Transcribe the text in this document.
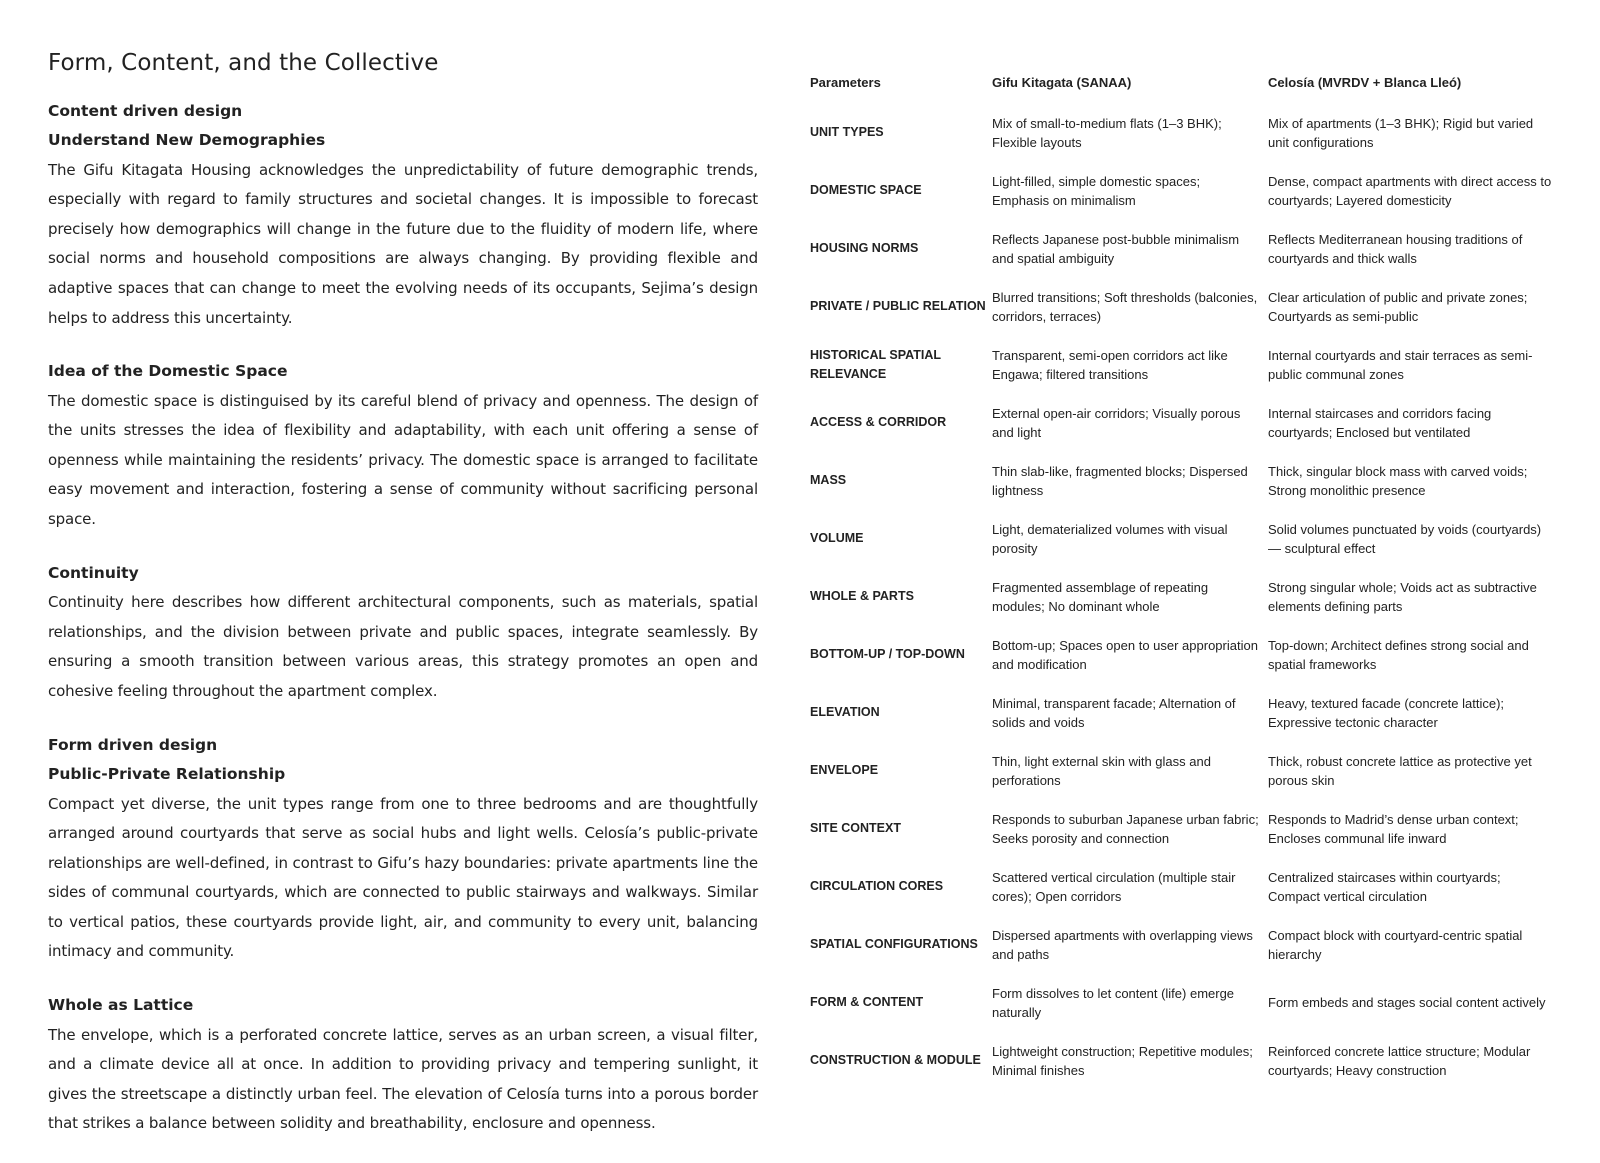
Form, Content, and the Collective

Content driven design

Understand New Demographies

The Gifu Kitagata Housing acknowledges the unpredictability of future demographic trends, especially with regard to family structures and societal changes. It is impossible to forecast precisely how demographics will change in the future due to the fluidity of modern life, where social norms and household compositions are always changing. By providing flexible and adaptive spaces that can change to meet the evolving needs of its occupants, Sejima’s design helps to address this uncertainty.

Idea of the Domestic Space

The domestic space is distinguised by its careful blend of privacy and openness. The design of the units stresses the idea of flexibility and adaptability, with each unit offering a sense of openness while maintaining the residents’ privacy. The domestic space is arranged to facilitate easy movement and interaction, fostering a sense of community without sacrificing personal space.

Continuity

Continuity here describes how different architectural components, such as materials, spatial relationships, and the division between private and public spaces, integrate seamlessly. By ensuring a smooth transition between various areas, this strategy promotes an open and cohesive feeling throughout the apartment complex.

Form driven design

Public-Private Relationship

Compact yet diverse, the unit types range from one to three bedrooms and are thoughtfully arranged around courtyards that serve as social hubs and light wells. Celosía’s public-private relationships are well-defined, in contrast to Gifu’s hazy boundaries: private apartments line the sides of communal courtyards, which are connected to public stairways and walkways. Similar to vertical patios, these courtyards provide light, air, and community to every unit, balancing intimacy and community.

Whole as Lattice

The envelope, which is a perforated concrete lattice, serves as an urban screen, a visual filter, and a climate device all at once. In addition to providing privacy and tempering sunlight, it gives the streetscape a distinctly urban feel. The elevation of Celosía turns into a porous border that strikes a balance between solidity and breathability, enclosure and openness.

Parameters	Gifu Kitagata (SANAA)	Celosía (MVRDV + Blanca Lleó)
UNIT TYPES	Mix of small-to-medium flats (1–3 BHK); Flexible layouts	Mix of apartments (1–3 BHK); Rigid but varied unit configurations
DOMESTIC SPACE	Light-filled, simple domestic spaces; Emphasis on minimalism	Dense, compact apartments with direct access to courtyards; Layered domesticity
HOUSING NORMS	Reflects Japanese post-bubble minimalism and spatial ambiguity	Reflects Mediterranean housing traditions of courtyards and thick walls
PRIVATE / PUBLIC RELATION	Blurred transitions; Soft thresholds (balconies, corridors, terraces)	Clear articulation of public and private zones; Courtyards as semi-public
HISTORICAL SPATIAL RELEVANCE	Transparent, semi-open corridors act like Engawa; filtered transitions	Internal courtyards and stair terraces as semi-public communal zones
ACCESS & CORRIDOR	External open-air corridors; Visually porous and light	Internal staircases and corridors facing courtyards; Enclosed but ventilated
MASS	Thin slab-like, fragmented blocks; Dispersed lightness	Thick, singular block mass with carved voids; Strong monolithic presence
VOLUME	Light, dematerialized volumes with visual porosity	Solid volumes punctuated by voids (courtyards) — sculptural effect
WHOLE & PARTS	Fragmented assemblage of repeating modules; No dominant whole	Strong singular whole; Voids act as subtractive elements defining parts
BOTTOM-UP / TOP-DOWN	Bottom-up; Spaces open to user appropriation and modification	Top-down; Architect defines strong social and spatial frameworks
ELEVATION	Minimal, transparent facade; Alternation of solids and voids	Heavy, textured facade (concrete lattice); Expressive tectonic character
ENVELOPE	Thin, light external skin with glass and perforations	Thick, robust concrete lattice as protective yet porous skin
SITE CONTEXT	Responds to suburban Japanese urban fabric; Seeks porosity and connection	Responds to Madrid’s dense urban context; Encloses communal life inward
CIRCULATION CORES	Scattered vertical circulation (multiple stair cores); Open corridors	Centralized staircases within courtyards; Compact vertical circulation
SPATIAL CONFIGURATIONS	Dispersed apartments with overlapping views and paths	Compact block with courtyard-centric spatial hierarchy
FORM & CONTENT	Form dissolves to let content (life) emerge naturally	Form embeds and stages social content actively
CONSTRUCTION & MODULE	Lightweight construction; Repetitive modules; Minimal finishes	Reinforced concrete lattice structure; Modular courtyards; Heavy construction
